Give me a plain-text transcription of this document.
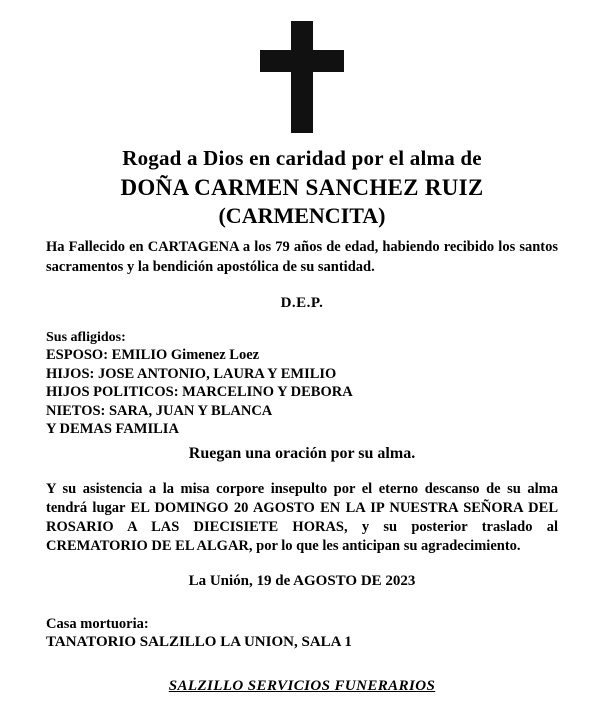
Rogad a Dios en caridad por el alma de
DOÑA CARMEN SANCHEZ RUIZ
(CARMENCITA)
Ha Fallecido en CARTAGENA a los 79 años de edad, habiendo recibido los santos sacramentos y la bendición apostólica de su santidad.
D.E.P.
Sus afligidos:
ESPOSO: EMILIO Gimenez Loez
HIJOS: JOSE ANTONIO, LAURA Y EMILIO
HIJOS POLITICOS: MARCELINO Y DEBORA
NIETOS: SARA, JUAN Y BLANCA
Y DEMAS FAMILIA
Ruegan una oración por su alma.
Y su asistencia a la misa corpore insepulto por el eterno descanso de su alma tendrá lugar EL DOMINGO 20 AGOSTO EN LA IP NUESTRA SEÑORA DEL ROSARIO A LAS DIECISIETE HORAS, y su posterior traslado al CREMATORIO DE EL ALGAR, por lo que les anticipan su agradecimiento.
La Unión, 19 de AGOSTO DE 2023
Casa mortuoria:
TANATORIO SALZILLO LA UNION, SALA 1
SALZILLO SERVICIOS FUNERARIOS
